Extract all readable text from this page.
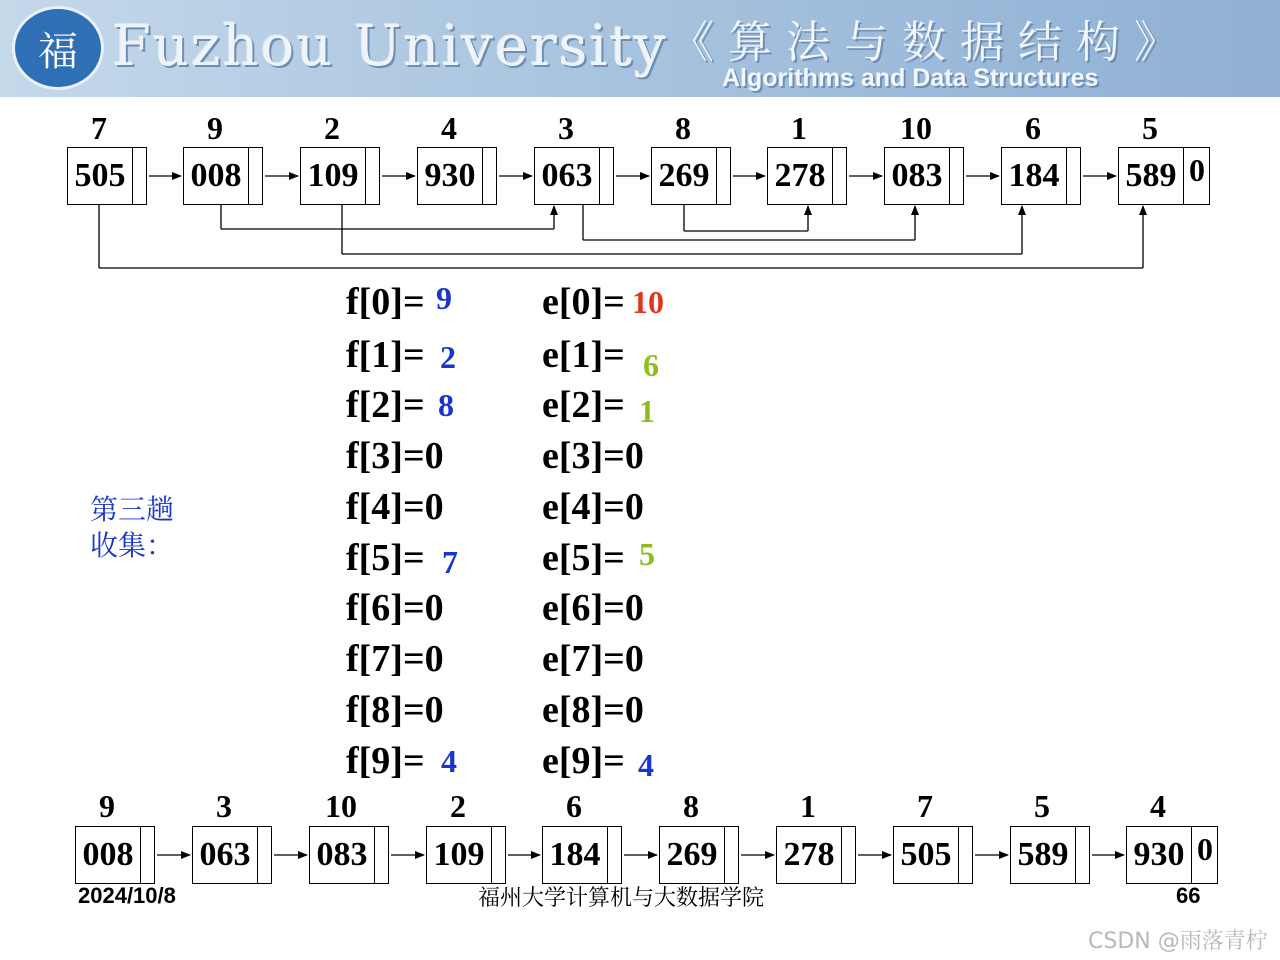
福 Fuzhou University 《算法与数据结构》
Algorithms and Data Structures
7
505
9
008
2
109
4
930
3
063
8
269
1
278
10
083
6
184
5
589 0
9
008
3
063
10
083
2
109
6
184
8
269
1
278
7
505
5
589
4
930 0
f[0]= 9
f[1]= 2
f[2]= 8
f[3]=0
f[4]=0
f[5]= 7
f[6]=0
f[7]=0
f[8]=0
f[9]= 4
e[0]= 10
e[1]= 6
e[2]= 1
e[3]=0
e[4]=0
e[5]= 5
e[6]=0
e[7]=0
e[8]=0
e[9]= 4
第三趟
收集：
2024/10/8	福州大学计算机与大数据学院	66
CSDN @雨落青柠
